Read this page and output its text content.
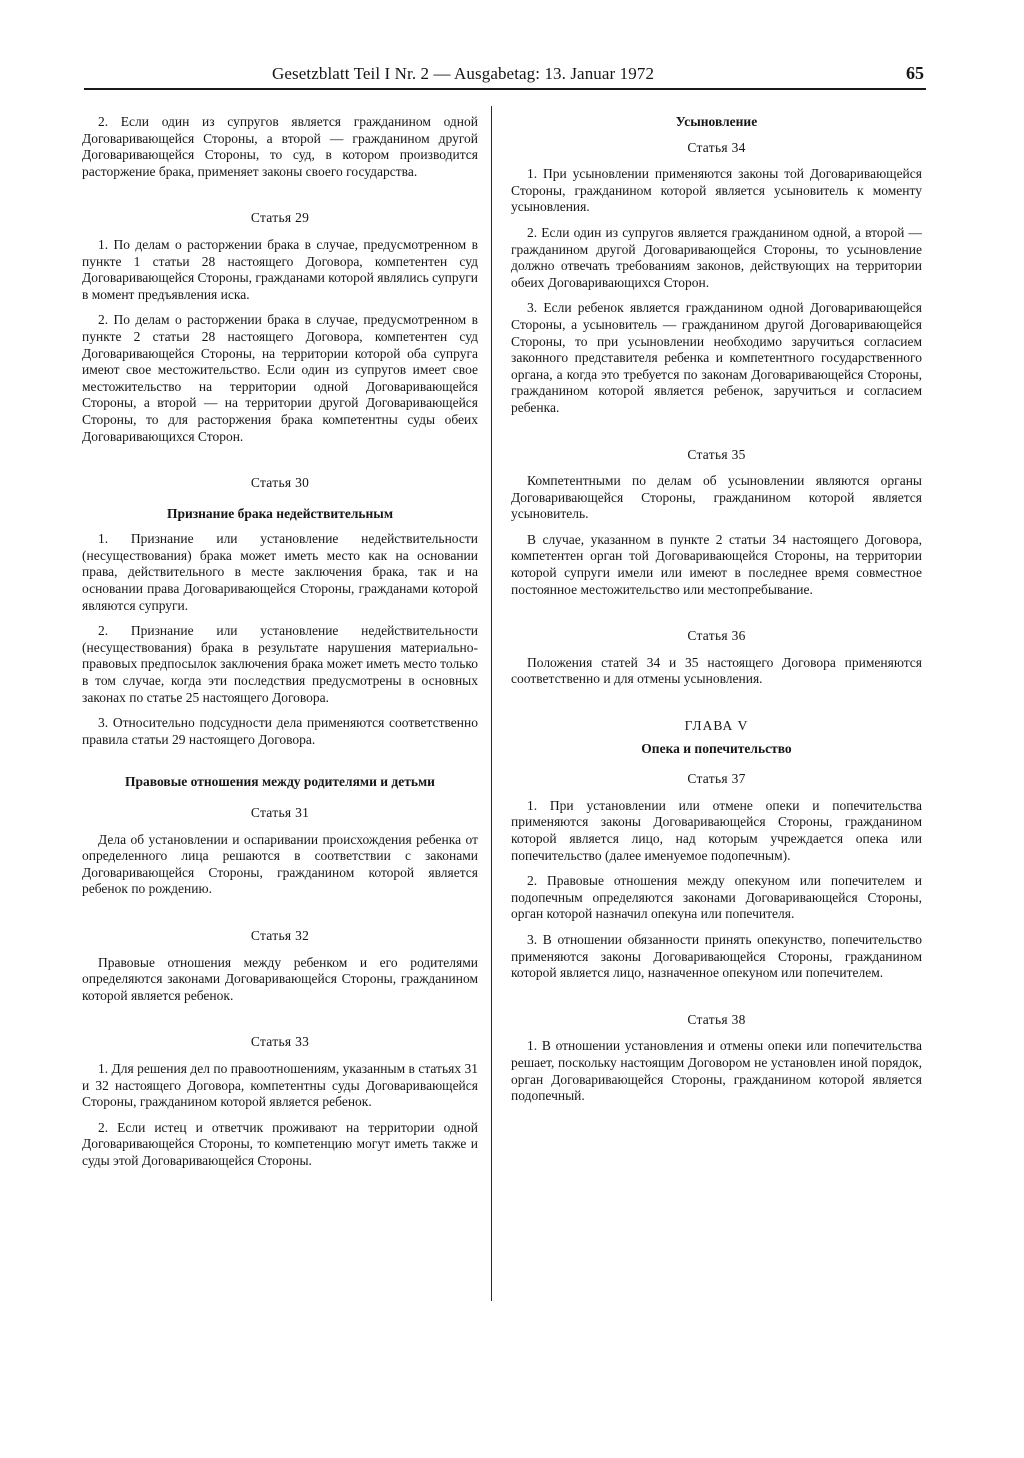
Gesetzblatt Teil I Nr. 2 — Ausgabetag: 13. Januar 1972	65

2. Если один из супругов является гражданином одной Договаривающейся Стороны, а второй — гражданином другой Договаривающейся Стороны, то суд, в котором производится расторжение брака, применяет законы своего государства.

Статья 29

1. По делам о расторжении брака в случае, предусмотренном в пункте 1 статьи 28 настоящего Договора, компетентен суд Договаривающейся Стороны, гражданами которой являлись супруги в момент предъявления иска.

2. По делам о расторжении брака в случае, предусмотренном в пункте 2 статьи 28 настоящего Договора, компетентен суд Договаривающейся Стороны, на территории которой оба супруга имеют свое местожительство. Если один из супругов имеет свое местожительство на территории одной Договаривающейся Стороны, а второй — на территории другой Договаривающейся Стороны, то для расторжения брака компетентны суды обеих Договаривающихся Сторон.

Статья 30

Признание брака недействительным

1. Признание или установление недействительности (несуществования) брака может иметь место как на основании права, действительного в месте заключения брака, так и на основании права Договаривающейся Стороны, гражданами которой являются супруги.

2. Признание или установление недействительности (несуществования) брака в результате нарушения материально-правовых предпосылок заключения брака может иметь место только в том случае, когда эти последствия предусмотрены в основных законах по статье 25 настоящего Договора.

3. Относительно подсудности дела применяются соответственно правила статьи 29 настоящего Договора.

Правовые отношения между родителями и детьми

Статья 31

Дела об установлении и оспаривании происхождения ребенка от определенного лица решаются в соответствии с законами Договаривающейся Стороны, гражданином которой является ребенок по рождению.

Статья 32

Правовые отношения между ребенком и его родителями определяются законами Договаривающейся Стороны, гражданином которой является ребенок.

Статья 33

1. Для решения дел по правоотношениям, указанным в статьях 31 и 32 настоящего Договора, компетентны суды Договаривающейся Стороны, гражданином которой является ребенок.

2. Если истец и ответчик проживают на территории одной Договаривающейся Стороны, то компетенцию могут иметь также и суды этой Договаривающейся Стороны.

Усыновление

Статья 34

1. При усыновлении применяются законы той Договаривающейся Стороны, гражданином которой является усыновитель к моменту усыновления.

2. Если один из супругов является гражданином одной, а второй — гражданином другой Договаривающейся Стороны, то усыновление должно отвечать требованиям законов, действующих на территории обеих Договаривающихся Сторон.

3. Если ребенок является гражданином одной Договаривающейся Стороны, а усыновитель — гражданином другой Договаривающейся Стороны, то при усыновлении необходимо заручиться согласием законного представителя ребенка и компетентного государственного органа, а когда это требуется по законам Договаривающейся Стороны, гражданином которой является ребенок, заручиться и согласием ребенка.

Статья 35

Компетентными по делам об усыновлении являются органы Договаривающейся Стороны, гражданином которой является усыновитель.

В случае, указанном в пункте 2 статьи 34 настоящего Договора, компетентен орган той Договаривающейся Стороны, на территории которой супруги имели или имеют в последнее время совместное постоянное местожительство или местопребывание.

Статья 36

Положения статей 34 и 35 настоящего Договора применяются соответственно и для отмены усыновления.

ГЛАВА V

Опека и попечительство

Статья 37

1. При установлении или отмене опеки и попечительства применяются законы Договаривающейся Стороны, гражданином которой является лицо, над которым учреждается опека или попечительство (далее именуемое подопечным).

2. Правовые отношения между опекуном или попечителем и подопечным определяются законами Договаривающейся Стороны, орган которой назначил опекуна или попечителя.

3. В отношении обязанности принять опекунство, попечительство применяются законы Договаривающейся Стороны, гражданином которой является лицо, назначенное опекуном или попечителем.

Статья 38

1. В отношении установления и отмены опеки или попечительства решает, поскольку настоящим Договором не установлен иной порядок, орган Договаривающейся Стороны, гражданином которой является подопечный.
